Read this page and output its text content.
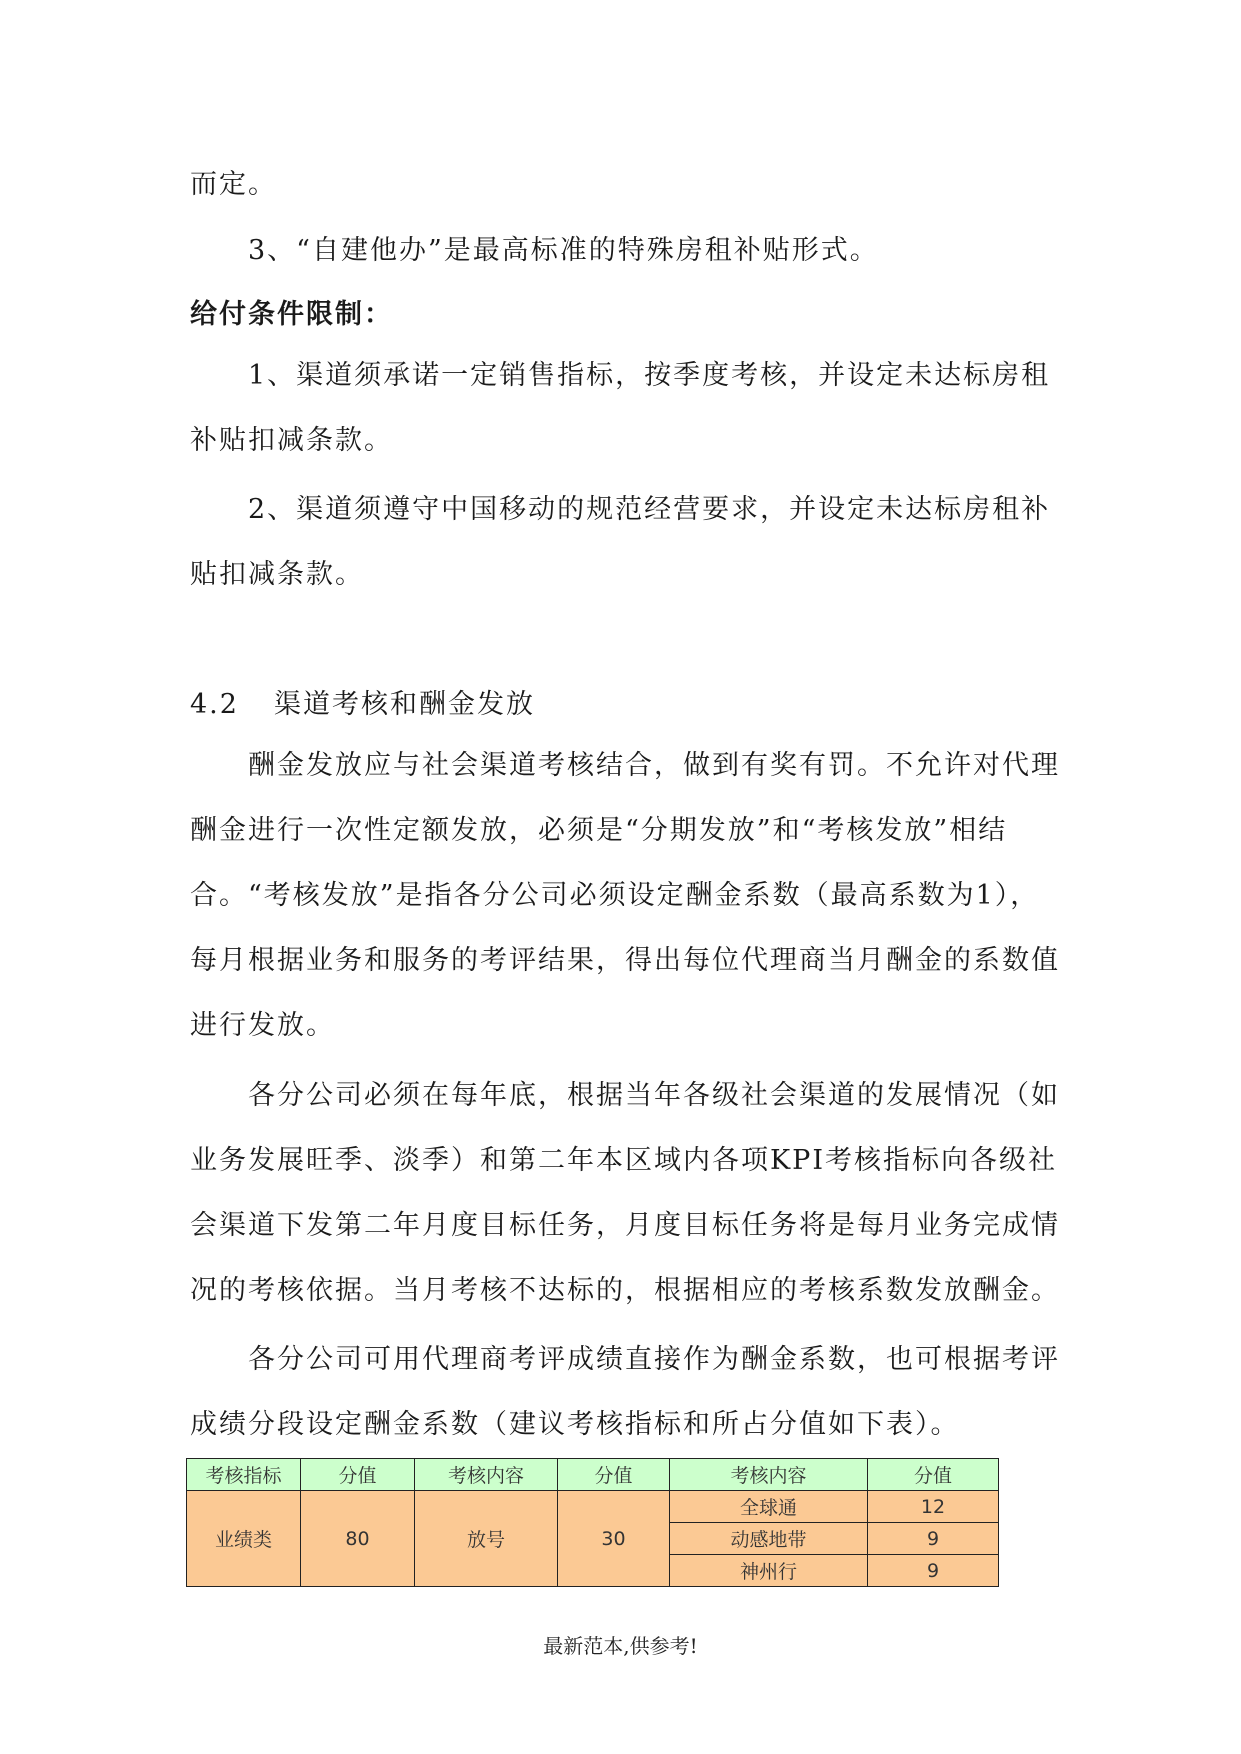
而定。

3、“自建他办”是最高标准的特殊房租补贴形式。

给付条件限制：

1、渠道须承诺一定销售指标，按季度考核，并设定未达标房租补贴扣减条款。

2、渠道须遵守中国移动的规范经营要求，并设定未达标房租补贴扣减条款。

4.2 渠道考核和酬金发放

酬金发放应与社会渠道考核结合，做到有奖有罚。不允许对代理酬金进行一次性定额发放，必须是“分期发放”和“考核发放”相结合。“考核发放”是指各分公司必须设定酬金系数（最高系数为1），每月根据业务和服务的考评结果，得出每位代理商当月酬金的系数值进行发放。

各分公司必须在每年底，根据当年各级社会渠道的发展情况（如业务发展旺季、淡季）和第二年本区域内各项KPI考核指标向各级社会渠道下发第二年月度目标任务，月度目标任务将是每月业务完成情况的考核依据。当月考核不达标的，根据相应的考核系数发放酬金。

各分公司可用代理商考评成绩直接作为酬金系数，也可根据考评成绩分段设定酬金系数（建议考核指标和所占分值如下表）。

考核指标	分值	考核内容	分值	考核内容	分值
业绩类	80	放号	30	全球通	12
				动感地带	9
				神州行	9
最新范本,供参考!
